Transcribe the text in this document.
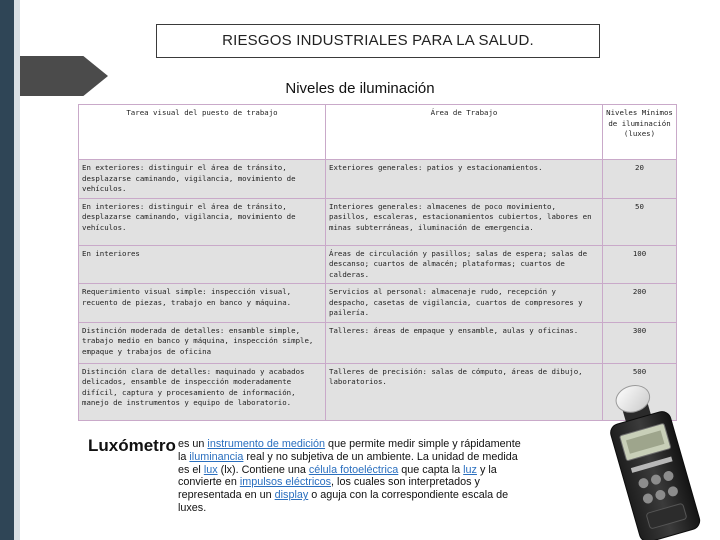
RIESGOS INDUSTRIALES PARA LA SALUD.
Niveles de iluminación
Tarea visual del puesto de trabajo	Área de Trabajo	Niveles Mínimos de iluminación (luxes)
En exteriores: distinguir el área de tránsito, desplazarse caminando, vigilancia, movimiento de vehículos.	Exteriores generales: patios y estacionamientos.	20
En interiores: distinguir el área de tránsito, desplazarse caminando, vigilancia, movimiento de vehículos.	Interiores generales: almacenes de poco movimiento, pasillos, escaleras, estacionamientos cubiertos, labores en minas subterráneas, iluminación de emergencia.	50
En interiores	Áreas de circulación y pasillos; salas de espera; salas de descanso; cuartos de almacén; plataformas; cuartos de calderas.	100
Requerimiento visual simple: inspección visual, recuento de piezas, trabajo en banco y máquina.	Servicios al personal: almacenaje rudo, recepción y despacho, casetas de vigilancia, cuartos de compresores y pailería.	200
Distinción moderada de detalles: ensamble simple, trabajo medio en banco y máquina, inspección simple, empaque y trabajos de oficina	Talleres: áreas de empaque y ensamble, aulas y oficinas.	300
Distinción clara de detalles: maquinado y acabados delicados, ensamble de inspección moderadamente difícil, captura y procesamiento de información, manejo de instrumentos y equipo de laboratorio.	Talleres de precisión: salas de cómputo, áreas de dibujo, laboratorios.	500
Luxómetro es un instrumento de medición que permite medir simple y rápidamente la iluminancia real y no subjetiva de un ambiente. La unidad de medida es el lux (lx). Contiene una célula fotoeléctrica que capta la luz y la convierte en impulsos eléctricos, los cuales son interpretados y representada en un display o aguja con la correspondiente escala de luxes.
